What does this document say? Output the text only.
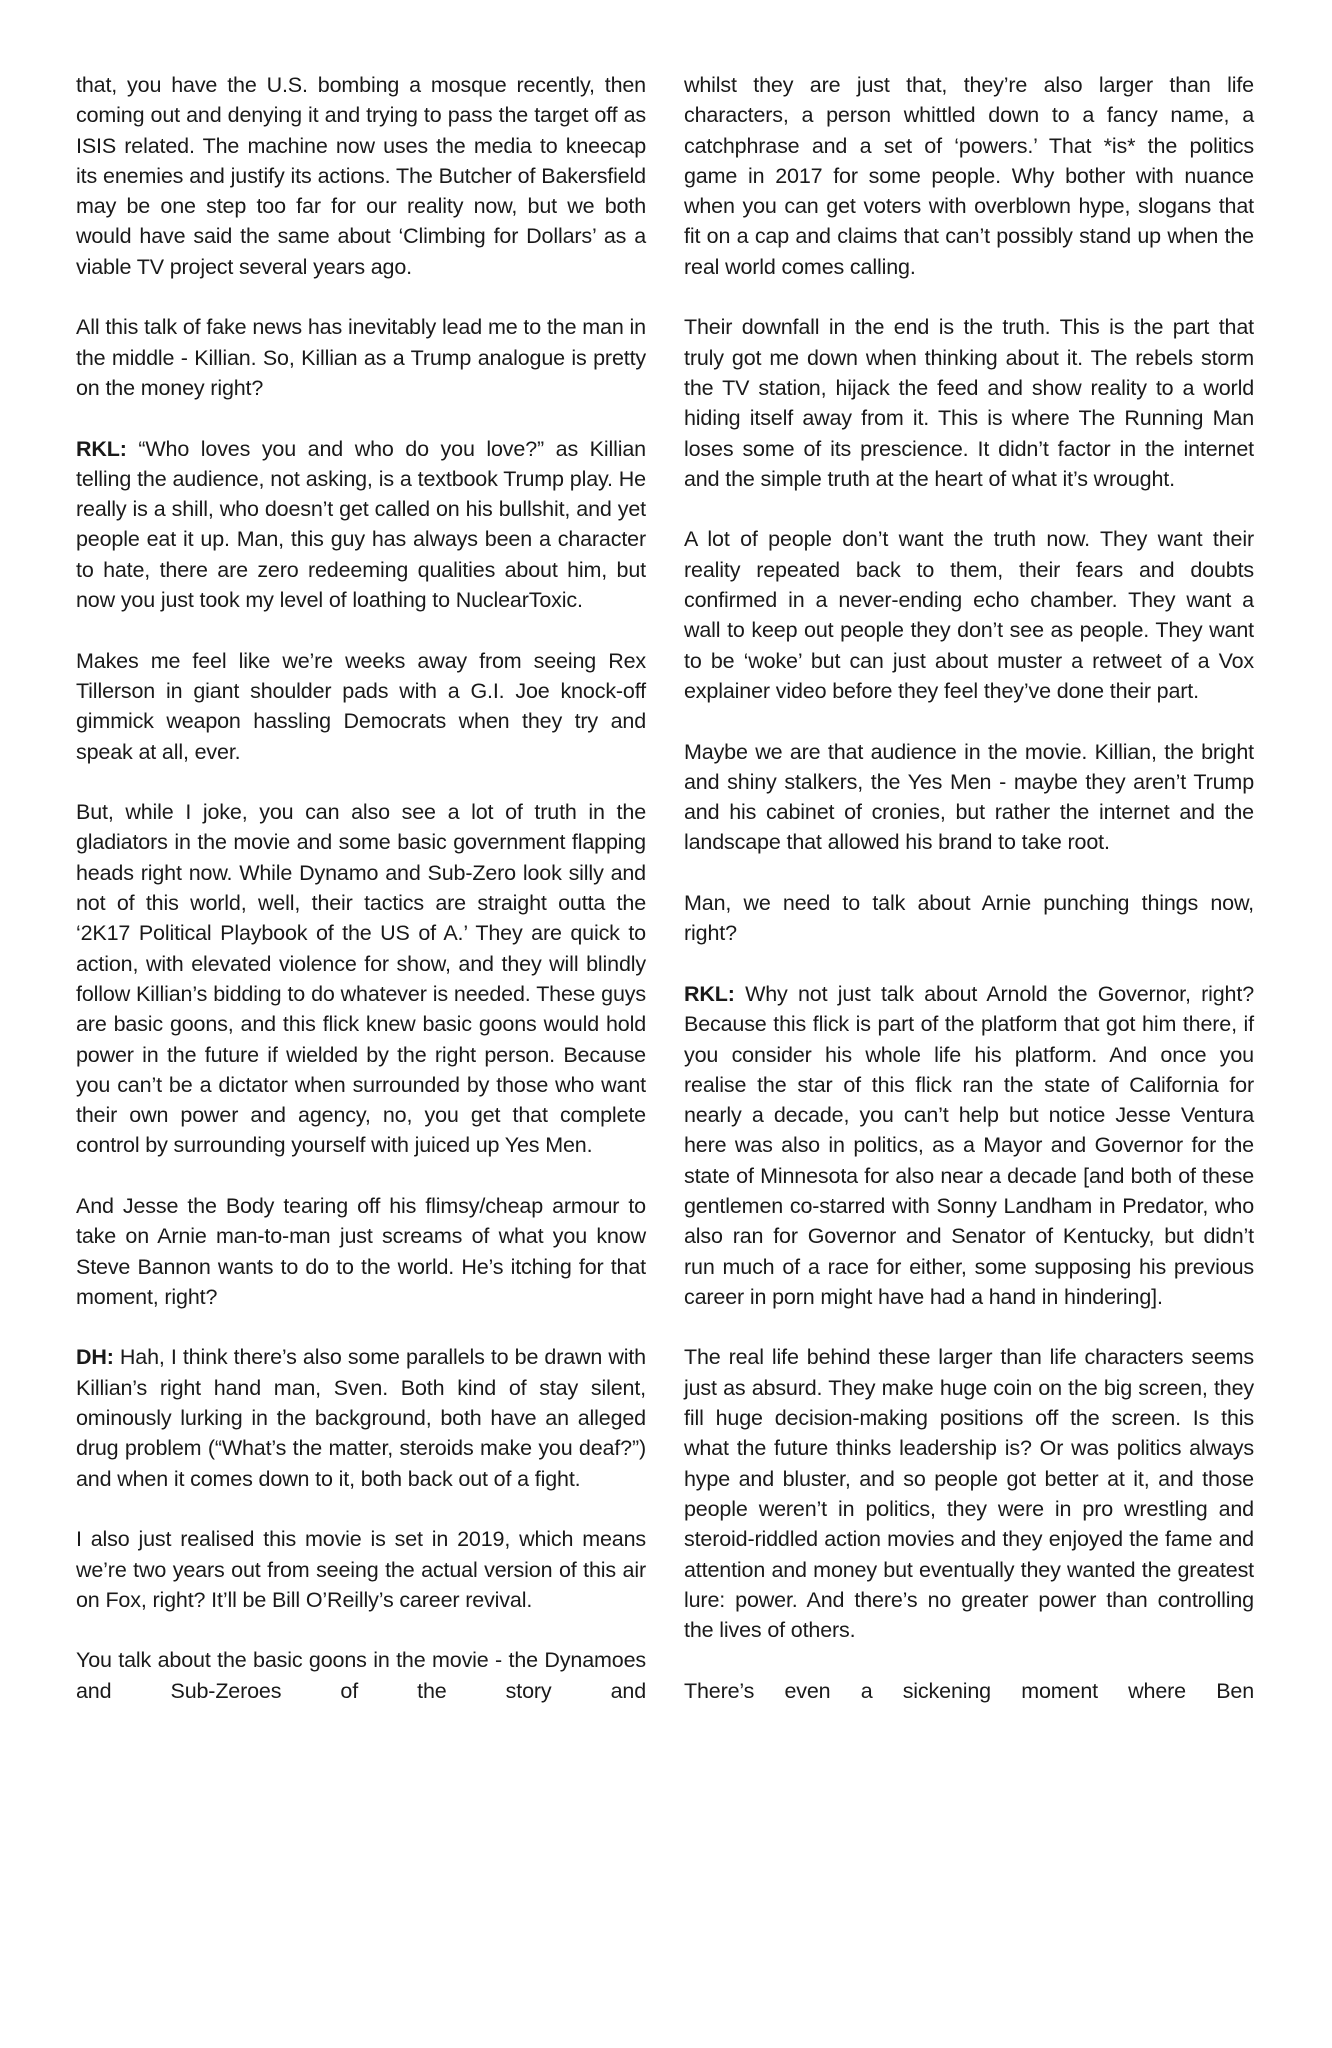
that, you have the U.S. bombing a mosque recently, then coming out and denying it and trying to pass the target off as ISIS related. The machine now uses the media to kneecap its enemies and justify its actions. The Butcher of Bakersfield may be one step too far for our reality now, but we both would have said the same about ‘Climbing for Dollars’ as a viable TV project several years ago.

All this talk of fake news has inevitably lead me to the man in the middle - Killian. So, Killian as a Trump analogue is pretty on the money right?

RKL: “Who loves you and who do you love?” as Killian telling the audience, not asking, is a textbook Trump play. He really is a shill, who doesn’t get called on his bullshit, and yet people eat it up. Man, this guy has always been a character to hate, there are zero redeeming qualities about him, but now you just took my level of loathing to NuclearToxic.

Makes me feel like we’re weeks away from seeing Rex Tillerson in giant shoulder pads with a G.I. Joe knock-off gimmick weapon hassling Democrats when they try and speak at all, ever.

But, while I joke, you can also see a lot of truth in the gladiators in the movie and some basic government flapping heads right now. While Dynamo and Sub-Zero look silly and not of this world, well, their tactics are straight outta the ‘2K17 Political Playbook of the US of A.’ They are quick to action, with elevated violence for show, and they will blindly follow Killian’s bidding to do whatever is needed. These guys are basic goons, and this flick knew basic goons would hold power in the future if wielded by the right person. Because you can’t be a dictator when surrounded by those who want their own power and agency, no, you get that complete control by surrounding yourself with juiced up Yes Men.

And Jesse the Body tearing off his flimsy/cheap armour to take on Arnie man-to-man just screams of what you know Steve Bannon wants to do to the world. He’s itching for that moment, right?

DH: Hah, I think there’s also some parallels to be drawn with Killian’s right hand man, Sven. Both kind of stay silent, ominously lurking in the background, both have an alleged drug problem (“What’s the matter, steroids make you deaf?”) and when it comes down to it, both back out of a fight.

I also just realised this movie is set in 2019, which means we’re two years out from seeing the actual version of this air on Fox, right? It’ll be Bill O’Reilly’s career revival.

You talk about the basic goons in the movie - the Dynamoes and Sub-Zeroes of the story and

whilst they are just that, they’re also larger than life characters, a person whittled down to a fancy name, a catchphrase and a set of ‘powers.’ That *is* the politics game in 2017 for some people. Why bother with nuance when you can get voters with overblown hype, slogans that fit on a cap and claims that can’t possibly stand up when the real world comes calling.

Their downfall in the end is the truth. This is the part that truly got me down when thinking about it. The rebels storm the TV station, hijack the feed and show reality to a world hiding itself away from it. This is where The Running Man loses some of its prescience. It didn’t factor in the internet and the simple truth at the heart of what it’s wrought.

A lot of people don’t want the truth now. They want their reality repeated back to them, their fears and doubts confirmed in a never-ending echo chamber. They want a wall to keep out people they don’t see as people. They want to be ‘woke’ but can just about muster a retweet of a Vox explainer video before they feel they’ve done their part.

Maybe we are that audience in the movie. Killian, the bright and shiny stalkers, the Yes Men - maybe they aren’t Trump and his cabinet of cronies, but rather the internet and the landscape that allowed his brand to take root.

Man, we need to talk about Arnie punching things now, right?

RKL: Why not just talk about Arnold the Governor, right? Because this flick is part of the platform that got him there, if you consider his whole life his platform. And once you realise the star of this flick ran the state of California for nearly a decade, you can’t help but notice Jesse Ventura here was also in politics, as a Mayor and Governor for the state of Minnesota for also near a decade [and both of these gentlemen co-starred with Sonny Landham in Predator, who also ran for Governor and Senator of Kentucky, but didn’t run much of a race for either, some supposing his previous career in porn might have had a hand in hindering].

The real life behind these larger than life characters seems just as absurd. They make huge coin on the big screen, they fill huge decision-making positions off the screen. Is this what the future thinks leadership is? Or was politics always hype and bluster, and so people got better at it, and those people weren’t in politics, they were in pro wrestling and steroid-riddled action movies and they enjoyed the fame and attention and money but eventually they wanted the greatest lure: power. And there’s no greater power than controlling the lives of others.

There’s even a sickening moment where Ben
